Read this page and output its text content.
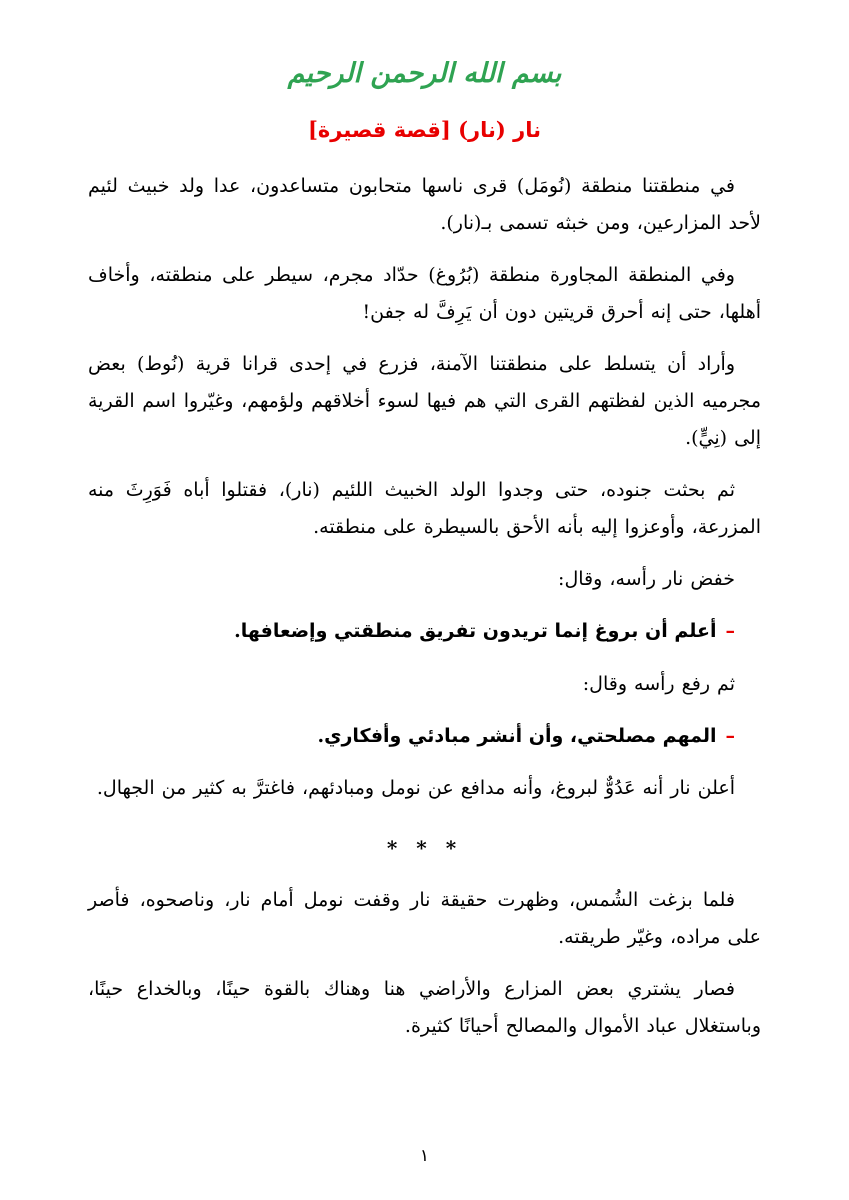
بسم الله الرحمن الرحيم
نار (نار) [قصة قصيرة]

في منطقتنا منطقة (نُومَل) قرى ناسها متحابون متساعدون، عدا ولد خبيث لئيم لأحد المزارعين، ومن خبثه تسمى بـ(نار).

وفي المنطقة المجاورة منطقة (بُرُوغ) حدّاد مجرم، سيطر على منطقته، وأخاف أهلها، حتى إنه أحرق قريتين دون أن يَرِفَّ له جفن!

وأراد أن يتسلط على منطقتنا الآمنة، فزرع في إحدى قرانا قرية (نُوط) بعض مجرميه الذين لفظتهم القرى التي هم فيها لسوء أخلاقهم ولؤمهم، وغيّروا اسم القرية إلى (نِيٍّ).

ثم بحثت جنوده، حتى وجدوا الولد الخبيث اللئيم (نار)، فقتلوا أباه فَوَرِثَ منه المزرعة، وأوعزوا إليه بأنه الأحق بالسيطرة على منطقته.

خفض نار رأسه، وقال:

–أعلم أن بروغ إنما تريدون تفريق منطقتي وإضعافها.

ثم رفع رأسه وقال:

–المهم مصلحتي، وأن أنشر مبادئي وأفكاري.

أعلن نار أنه عَدُوٌّ لبروغ، وأنه مدافع عن نومل ومبادئهم، فاغترَّ به كثير من الجهال.

* * *

فلما بزغت الشُمس، وظهرت حقيقة نار وقفت نومل أمام نار، وناصحوه، فأصر على مراده، وغيّر طريقته.

فصار يشتري بعض المزارع والأراضي هنا وهناك بالقوة حينًا، وبالخداع حينًا، وباستغلال عباد الأموال والمصالح أحيانًا كثيرة.

١
